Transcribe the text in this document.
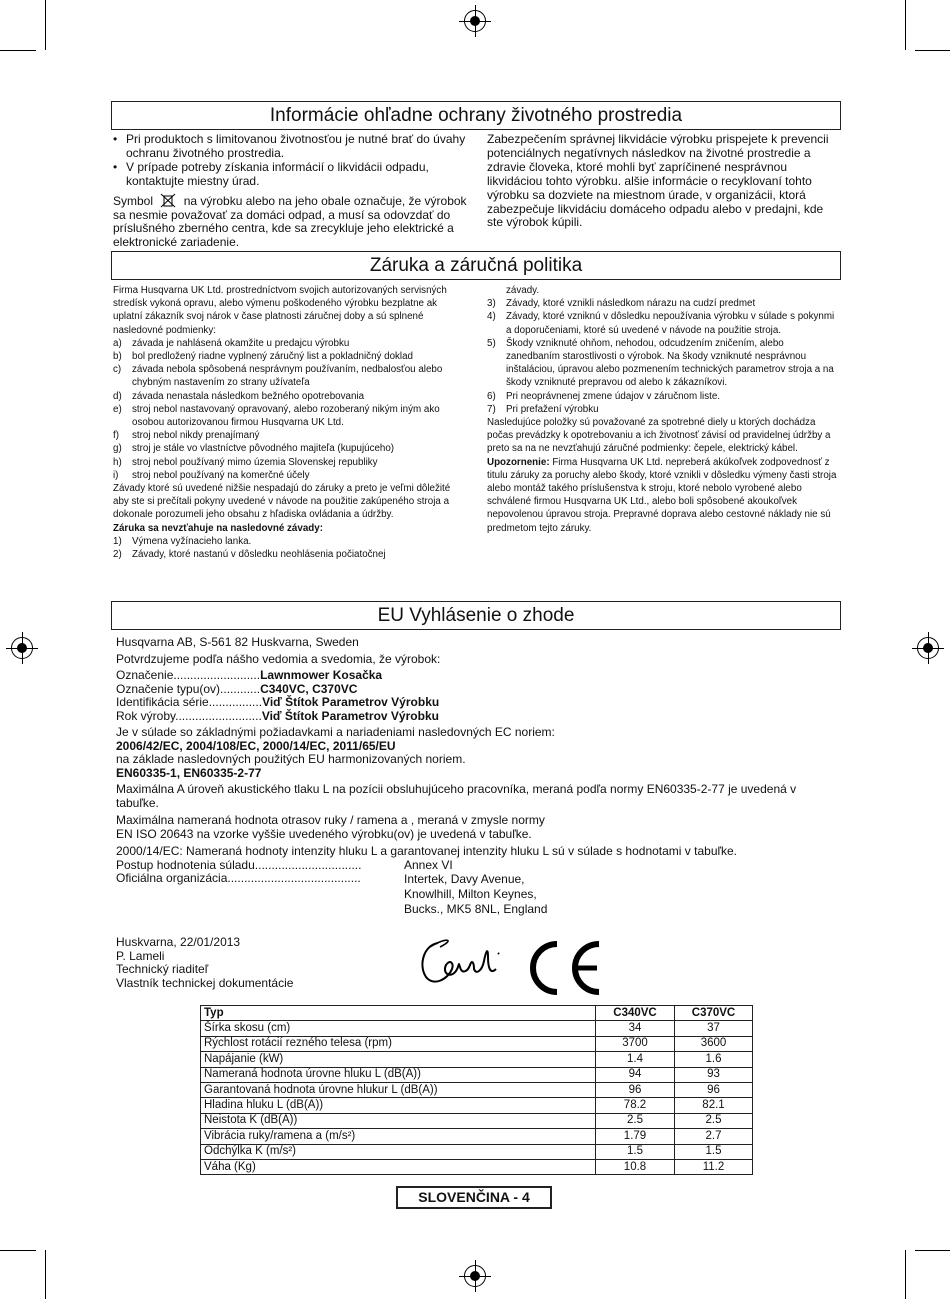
Informácie ohľadne ochrany životného prostredia
• Pri produktoch s limitovanou životnosťou je nutné brať do úvahy ochranu životného prostredia.
• V prípade potreby získania informácií o likvidácii odpadu, kontaktujte miestny úrad.

Symbol	na výrobku alebo na jeho obale označuje, že výrobok sa nesmie považovať za domáci odpad, a musí sa odovzdať do príslušného zberného centra, kde sa zrecykluje jeho elektrické a elektronické zariadenie.

Zabezpečením správnej likvidácie výrobku prispejete k prevencii potenciálnych negatívnych následkov na životné prostredie a zdravie človeka, ktoré mohli byť zapríčinené nesprávnou likvidáciou tohto výrobku. alšie informácie o recyklovaní tohto výrobku sa dozviete na miestnom úrade, v organizácii, ktorá zabezpečuje likvidáciu domáceho odpadu alebo v predajni, kde ste výrobok kúpili.

Záruka a záručná politika

Firma Husqvarna UK Ltd. prostredníctvom svojich autorizovaných servisných stredísk vykoná opravu, alebo výmenu poškodeného výrobku bezplatne ak uplatní zákazník svoj nárok v čase platnosti záručnej doby a sú splnené nasledovné podmienky:

a)	závada je nahlásená okamžite u predajcu výrobku
b)	bol predložený riadne vyplnený záručný list a pokladničný doklad
c)	závada nebola spôsobená nesprávnym používaním, nedbalosťou alebo chybným nastavením zo strany užívateľa
d)	závada nenastala následkom bežného opotrebovania
e)	stroj nebol nastavovaný opravovaný, alebo rozoberaný nikým iným ako osobou autorizovanou firmou Husqvarna UK Ltd.
f)	stroj nebol nikdy prenajímaný
g)	stroj je stále vo vlastníctve pôvodného majiteľa (kupujúceho)
h)	stroj nebol používaný mimo územia Slovenskej republiky
i)	stroj nebol používaný na komerčné účely

Závady ktoré sú uvedené nižšie nespadajú do záruky a preto je veľmi dôležité aby ste si prečítali pokyny uvedené v návode na použitie zakúpeného stroja a dokonale porozumeli jeho obsahu z hľadiska ovládania a údržby.

Záruka sa nevzťahuje na nasledovné závady:

1)	Výmena vyžínacieho lanka.
2)	Závady, ktoré nastanú v dôsledku neohlásenia počiatočnej
závady.
3)	Závady, ktoré vznikli následkom nárazu na cudzí predmet
4)	Závady, ktoré vzniknú v dôsledku nepoužívania výrobku v súlade s pokynmi a doporučeniami, ktoré sú uvedené v návode na použitie stroja.
5)	Škody vzniknuté ohňom, nehodou, odcudzením zničením, alebo zanedbaním starostlivosti o výrobok. Na škody vzniknuté nesprávnou inštaláciou, úpravou alebo pozmenením technických parametrov stroja a na škody vzniknuté prepravou od alebo k zákazníkovi.
6)	Pri neoprávnenej zmene údajov v záručnom liste.
7)	Pri prefažení výrobku

Nasledujúce položky sú považované za spotrebné diely u ktorých dochádza počas prevádzky k opotrebovaniu a ich životnosť závisí od pravidelnej údržby a preto sa na ne nevzťahujú záručné podmienky: čepele, elektrický kábel.

Upozornenie: Firma Husqvarna UK Ltd. nepreberá akúkoľvek zodpovednosť z titulu záruky za poruchy alebo škody, ktoré vznikli v dôsledku výmeny časti stroja alebo montáž takého príslušenstva k stroju, ktoré nebolo vyrobené alebo schválené firmou Husqvarna UK Ltd., alebo boli spôsobené akoukoľvek nepovolenou úpravou stroja. Prepravné doprava alebo cestovné náklady nie sú predmetom tejto záruky.

EU Vyhlásenie o zhode

Husqvarna AB, S-561 82 Huskvarna, Sweden

Potvrdzujeme podľa nášho vedomia a svedomia, že výrobok:

Označenie..........................Lawnmower Kosačka

Označenie typu(ov)............C340VC, C370VC

Identifikácia série................Viď Štítok Parametrov Výrobku

Rok výroby..........................Viď Štítok Parametrov Výrobku

Je v súlade so základnými požiadavkami a nariadeniami nasledovných EC noriem:

2006/42/EC, 2004/108/EC, 2000/14/EC, 2011/65/EU

na základe nasledovných použitých EU harmonizovaných noriem.

EN60335-1, EN60335-2-77

Maximálna A úroveň akustického tlaku L na pozícii obsluhujúceho pracovníka, meraná podľa normy EN60335-2-77 je uvedená v tabuľke.

Maximálna nameraná hodnota otrasov ruky / ramena a , meraná v zmysle normy

EN ISO 20643 na vzorke vyššie uvedeného výrobku(ov) je uvedená v tabuľke.

2000/14/EC: Nameraná hodnoty intenzity hluku L a garantovanej intenzity hluku L sú v súlade s hodnotami v tabuľke.

Postup hodnotenia súladu................................	Annex VI
Oficiálna organizácia........................................	Intertek, Davy Avenue,
Knowlhill, Milton Keynes,
Bucks., MK5 8NL, England

Huskvarna, 22/01/2013

P. Lameli

Technický riaditeľ

Vlastník technickej dokumentácie

Typ	C340VC	C370VC
Šírka skosu (cm)	34	37
Rýchlost rotácií rezného telesa (rpm)	3700	3600
Napájanie (kW)	1.4	1.6
Nameraná hodnota úrovne hluku L (dB(A))	94	93
Garantovaná hodnota úrovne hlukur L (dB(A))	96	96
Hladina hluku L (dB(A))	78.2	82.1
Neistota K (dB(A))	2.5	2.5
Vibrácia ruky/ramena a (m/s²)	1.79	2.7
Odchýlka K (m/s²)	1.5	1.5
Váha (Kg)	10.8	11.2
SLOVENČINA - 4
